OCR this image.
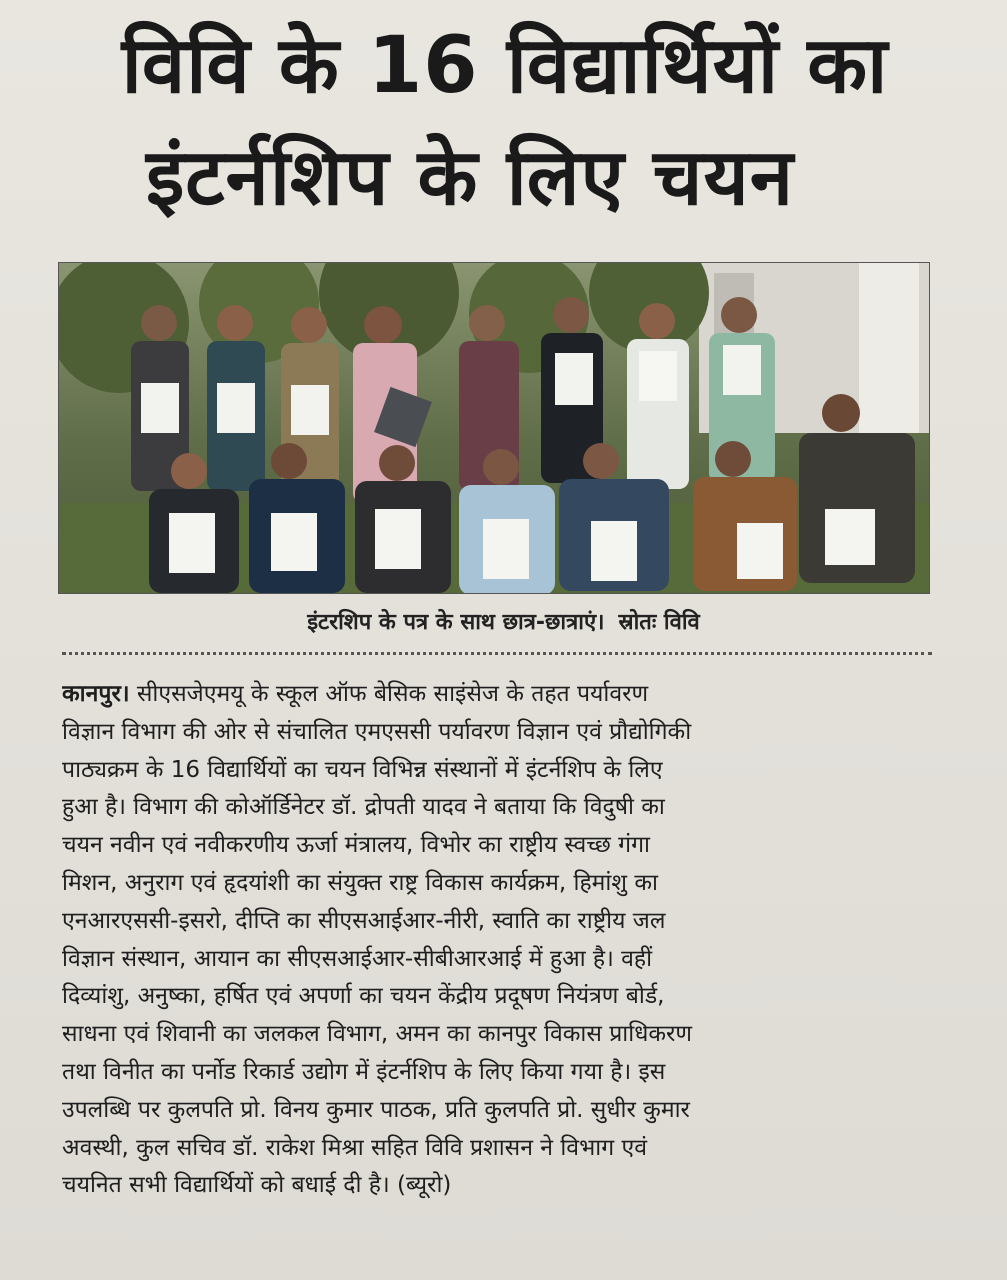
विवि के 16 विद्यार्थियों का
इंटर्नशिप के लिए चयन
इंटरशिप के पत्र के साथ छात्र-छात्राएं। स्रोतः विवि
कानपुर। सीएसजेएमयू के स्कूल ऑफ बेसिक साइंसेज के तहत पर्यावरण
विज्ञान विभाग की ओर से संचालित एमएससी पर्यावरण विज्ञान एवं प्रौद्योगिकी
पाठ्यक्रम के 16 विद्यार्थियों का चयन विभिन्न संस्थानों में इंटर्नशिप के लिए
हुआ है। विभाग की कोऑर्डिनेटर डॉ. द्रोपती यादव ने बताया कि विदुषी का
चयन नवीन एवं नवीकरणीय ऊर्जा मंत्रालय, विभोर का राष्ट्रीय स्वच्छ गंगा
मिशन, अनुराग एवं हृदयांशी का संयुक्त राष्ट्र विकास कार्यक्रम, हिमांशु का
एनआरएससी-इसरो, दीप्ति का सीएसआईआर-नीरी, स्वाति का राष्ट्रीय जल
विज्ञान संस्थान, आयान का सीएसआईआर-सीबीआरआई में हुआ है। वहीं
दिव्यांशु, अनुष्का, हर्षित एवं अपर्णा का चयन केंद्रीय प्रदूषण नियंत्रण बोर्ड,
साधना एवं शिवानी का जलकल विभाग, अमन का कानपुर विकास प्राधिकरण
तथा विनीत का पर्नोड रिकार्ड उद्योग में इंटर्नशिप के लिए किया गया है। इस
उपलब्धि पर कुलपति प्रो. विनय कुमार पाठक, प्रति कुलपति प्रो. सुधीर कुमार
अवस्थी, कुल सचिव डॉ. राकेश मिश्रा सहित विवि प्रशासन ने विभाग एवं
चयनित सभी विद्यार्थियों को बधाई दी है। (ब्यूरो)
